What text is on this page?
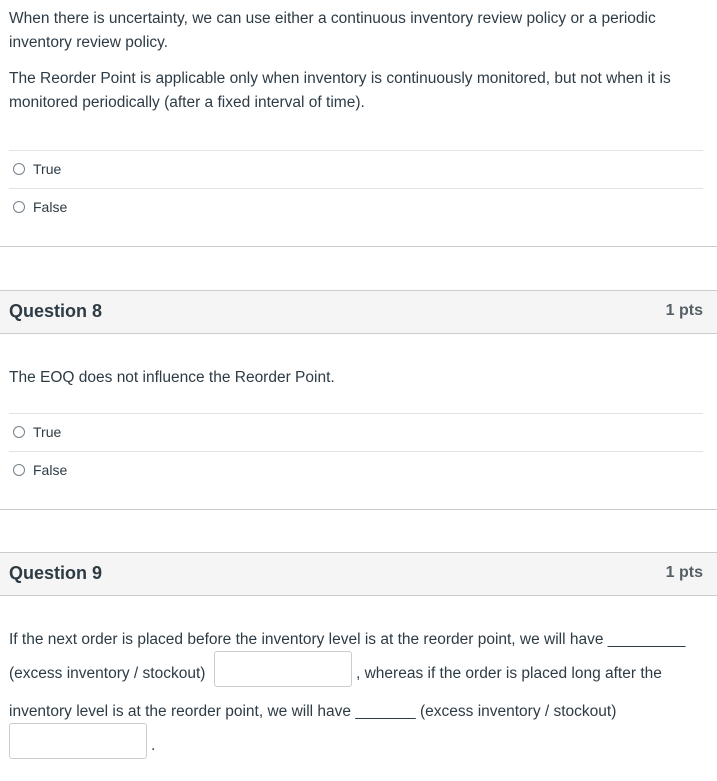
When there is uncertainty, we can use either a continuous inventory review policy or a periodic inventory review policy.
The Reorder Point is applicable only when inventory is continuously monitored, but not when it is monitored periodically (after a fixed interval of time).
True
False
Question 8	1 pts
The EOQ does not influence the Reorder Point.
True
False
Question 9	1 pts
If the next order is placed before the inventory level is at the reorder point, we will have _________
(excess inventory / stockout)	, whereas if the order is placed long after the
inventory level is at the reorder point, we will have _______ (excess inventory / stockout)
.
